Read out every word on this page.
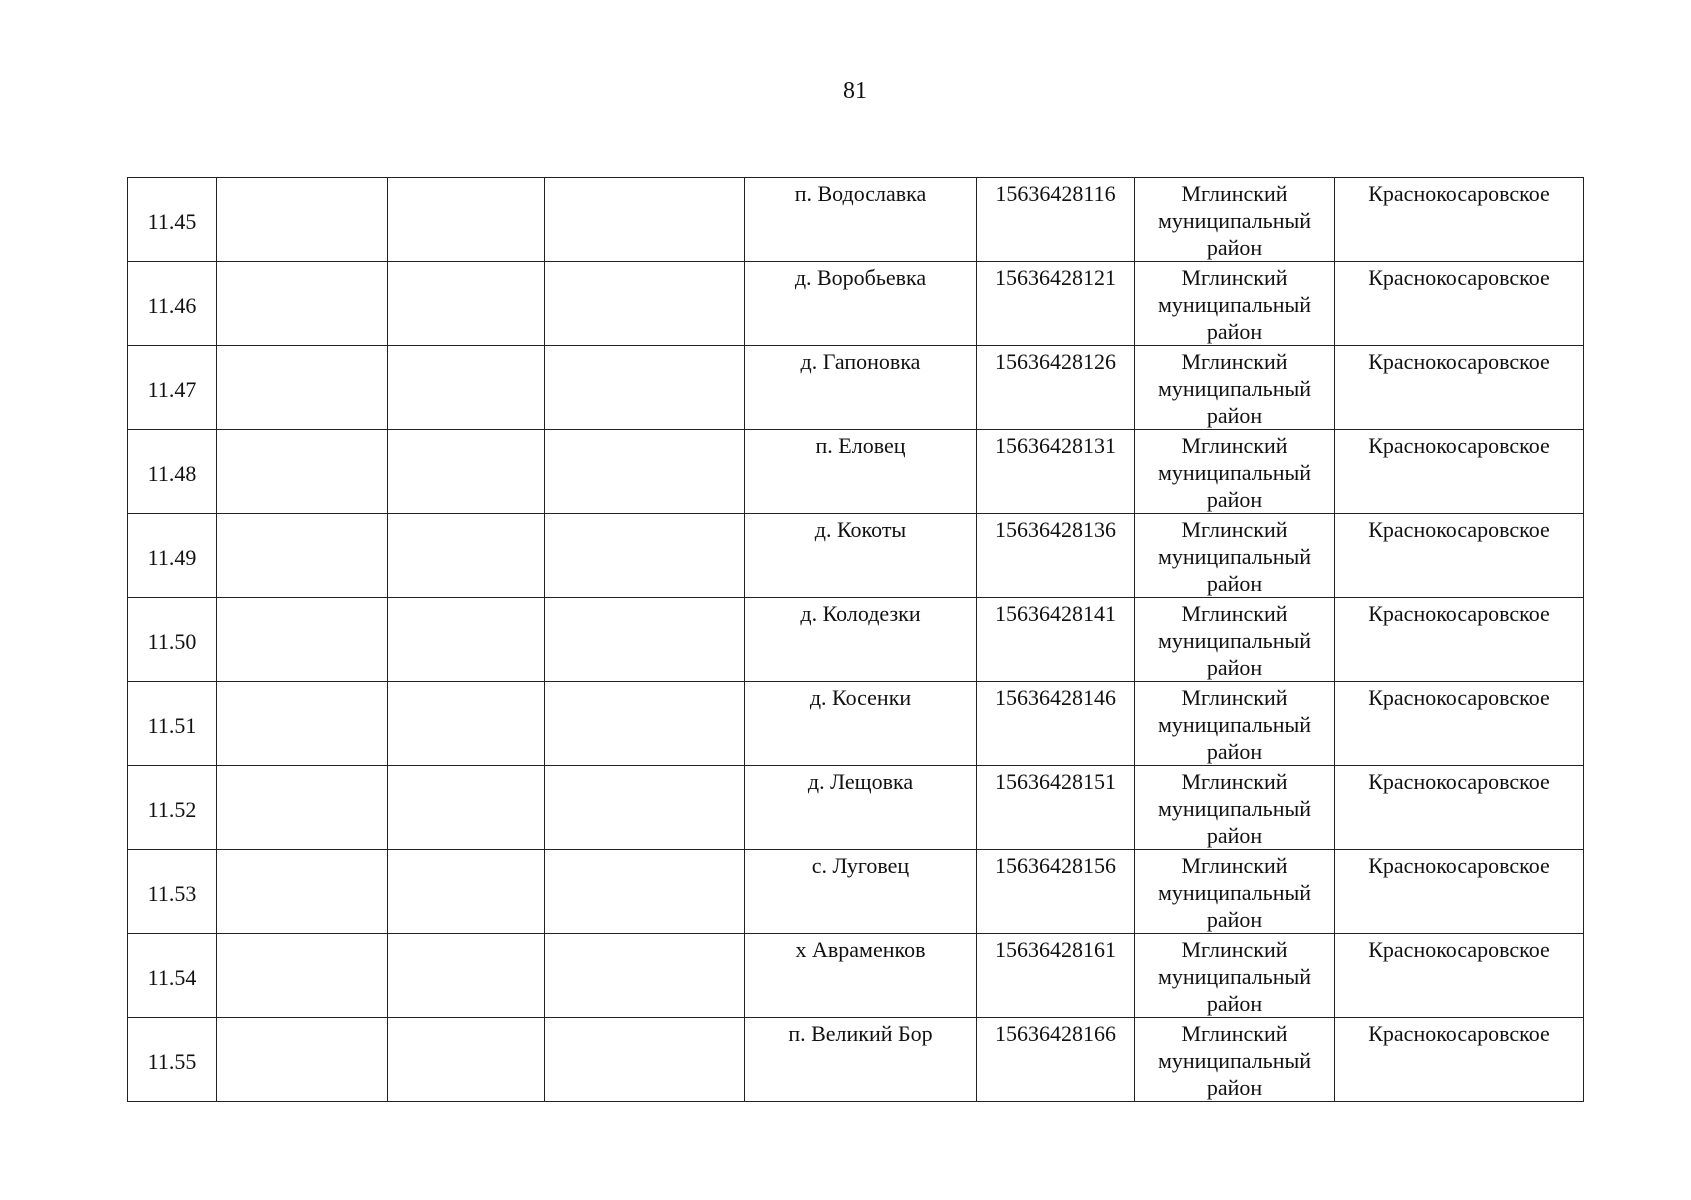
81
11.45				п. Водославка	15636428116	Мглинский
муниципальный
район	Краснокосаровское
11.46				д. Воробьевка	15636428121	Мглинский
муниципальный
район	Краснокосаровское
11.47				д. Гапоновка	15636428126	Мглинский
муниципальный
район	Краснокосаровское
11.48				п. Еловец	15636428131	Мглинский
муниципальный
район	Краснокосаровское
11.49				д. Кокоты	15636428136	Мглинский
муниципальный
район	Краснокосаровское
11.50				д. Колодезки	15636428141	Мглинский
муниципальный
район	Краснокосаровское
11.51				д. Косенки	15636428146	Мглинский
муниципальный
район	Краснокосаровское
11.52				д. Лещовка	15636428151	Мглинский
муниципальный
район	Краснокосаровское
11.53				с. Луговец	15636428156	Мглинский
муниципальный
район	Краснокосаровское
11.54				х Авраменков	15636428161	Мглинский
муниципальный
район	Краснокосаровское
11.55				п. Великий Бор	15636428166	Мглинский
муниципальный
район	Краснокосаровское
